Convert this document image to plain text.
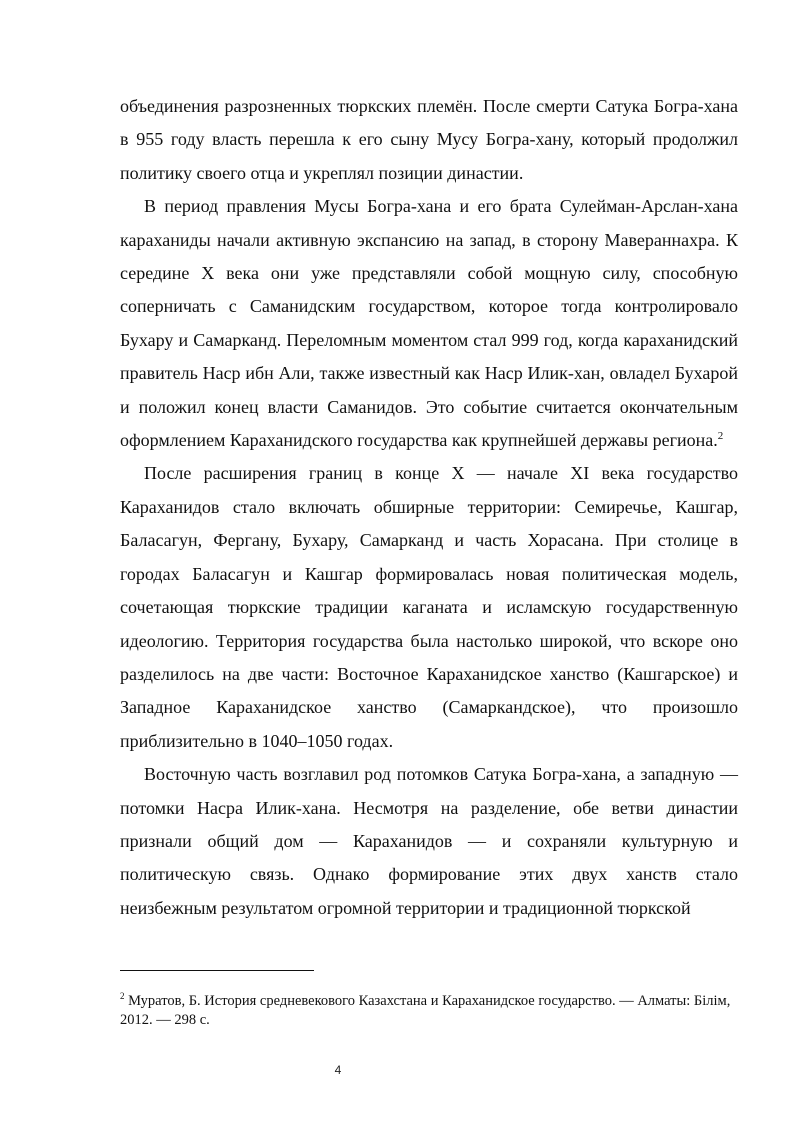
объединения разрозненных тюркских племён. После смерти Сатука Богра-хана в 955 году власть перешла к его сыну Мусу Богра-хану, который продолжил политику своего отца и укреплял позиции династии.

В период правления Мусы Богра-хана и его брата Сулейман-Арслан-хана караханиды начали активную экспансию на запад, в сторону Мавераннахра. К середине X века они уже представляли собой мощную силу, способную соперничать с Саманидским государством, которое тогда контролировало Бухару и Самарканд. Переломным моментом стал 999 год, когда караханидский правитель Наср ибн Али, также известный как Наср Илик-хан, овладел Бухарой и положил конец власти Саманидов. Это событие считается окончательным оформлением Караханидского государства как крупнейшей державы региона.$^2$

После расширения границ в конце X — начале XI века государство Караханидов стало включать обширные территории: Семиречье, Кашгар, Баласагун, Фергану, Бухару, Самарканд и часть Хорасана. При столице в городах Баласагун и Кашгар формировалась новая политическая модель, сочетающая тюркские традиции каганата и исламскую государственную идеологию. Территория государства была настолько широкой, что вскоре оно разделилось на две части: Восточное Караханидское ханство (Кашгарское) и Западное Караханидское ханство (Самаркандское), что произошло приблизительно в 1040–1050 годах.

Восточную часть возглавил род потомков Сатука Богра-хана, а западную — потомки Насра Илик-хана. Несмотря на разделение, обе ветви династии признали общий дом — Караханидов — и сохраняли культурную и политическую связь. Однако формирование этих двух ханств стало неизбежным результатом огромной территории и традиционной тюркской

$^2$ Муратов, Б. История средневекового Казахстана и Караханидское государство. — Алматы: Білім, 2012. — 298 с.
4
